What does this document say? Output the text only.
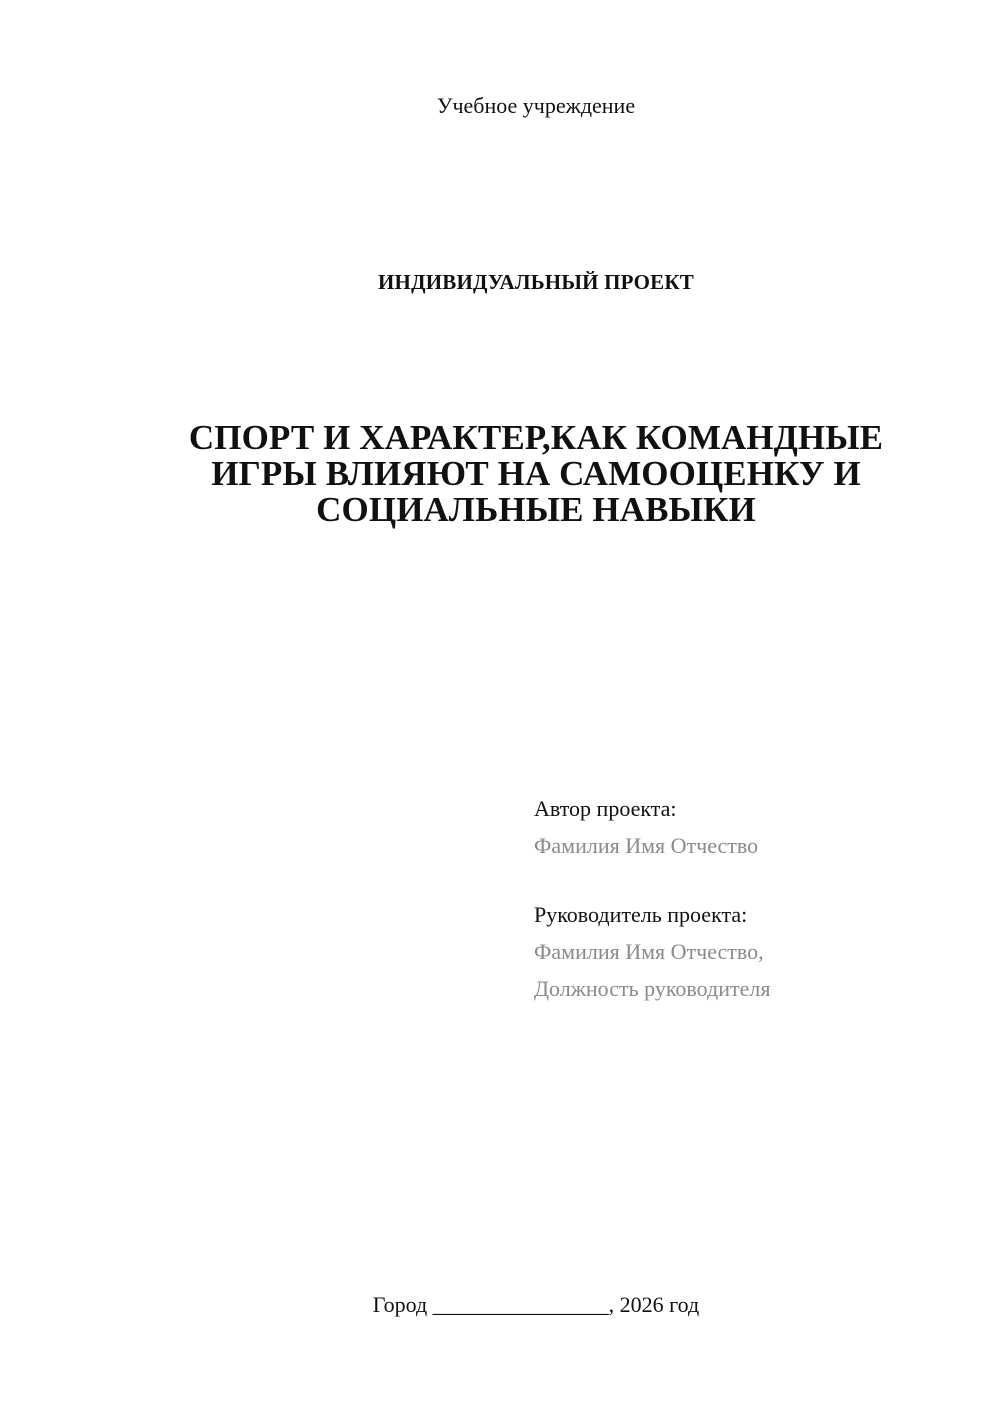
Учебное учреждение
ИНДИВИДУАЛЬНЫЙ ПРОЕКТ
СПОРТ И ХАРАКТЕР,КАК КОМАНДНЫЕ
ИГРЫ ВЛИЯЮТ НА САМООЦЕНКУ И
СОЦИАЛЬНЫЕ НАВЫКИ
Автор проекта:
Фамилия Имя Отчество
Руководитель проекта:
Фамилия Имя Отчество,
Должность руководителя
Город ________________, 2026 год
